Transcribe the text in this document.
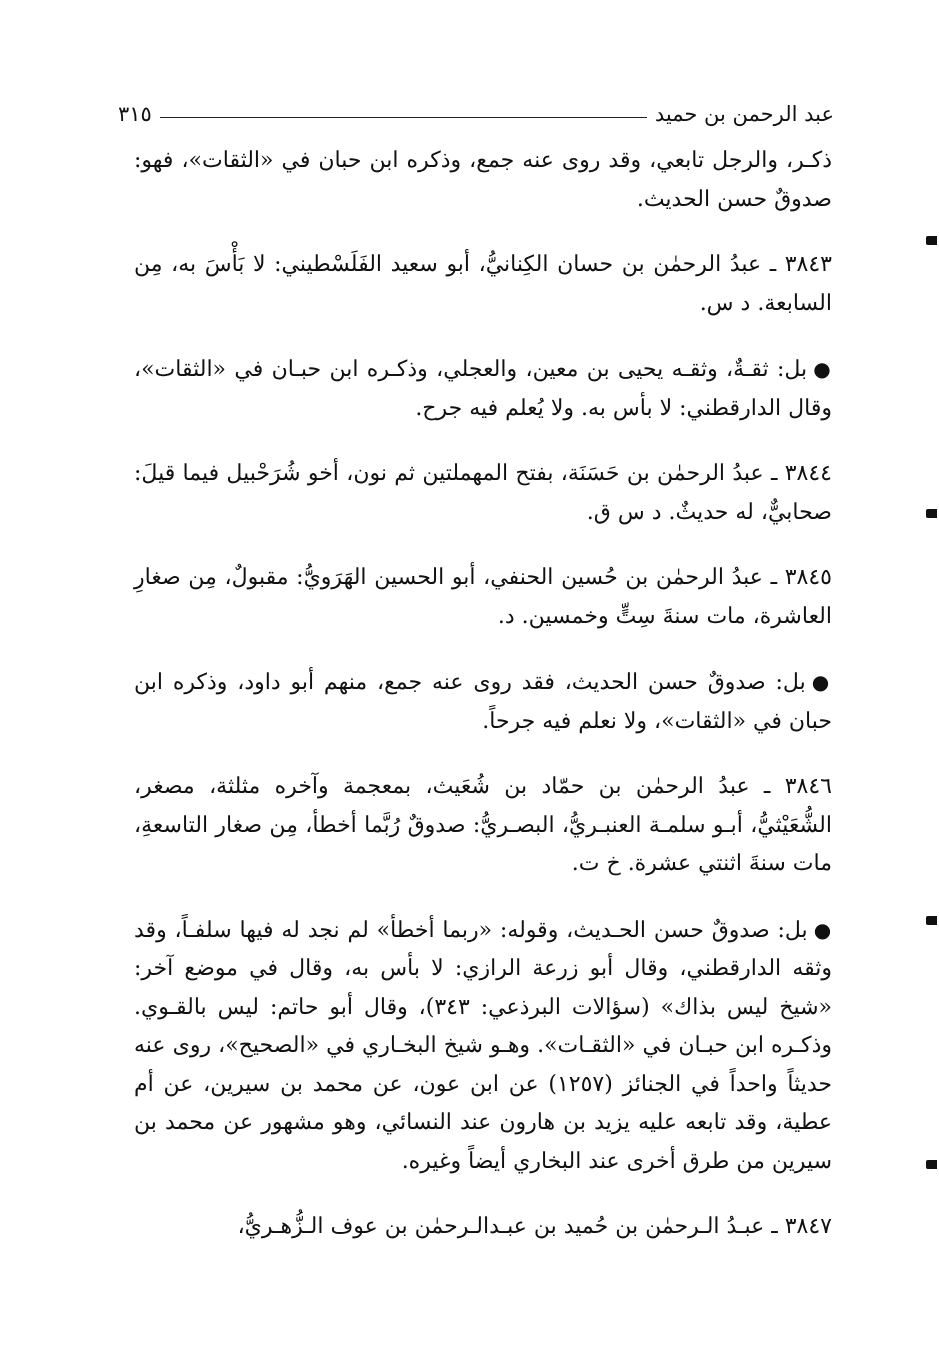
عبد الرحمن بن حميد
٣١٥

ذكـر، والرجل تابعي، وقد روى عنه جمع، وذكره ابن حبان في «الثقات»، فهو: صدوقٌ حسن الحديث.

٣٨٤٣ ـ عبدُ الرحمٰن بن حسان الكِنانيُّ، أبو سعيد الفَلَسْطيني: لا بَأْسَ به، مِن السابعة. د س.

●بل: ثقـةٌ، وثقـه يحيى بن معين، والعجلي، وذكـره ابن حبـان في «الثقات»، وقال الدارقطني: لا بأس به. ولا يُعلم فيه جرح.

٣٨٤٤ ـ عبدُ الرحمٰن بن حَسَنَة، بفتح المهملتين ثم نون، أخو شُرَحْبيل فيما قيلَ: صحابيٌّ، له حديثٌ. د س ق.

٣٨٤٥ ـ عبدُ الرحمٰن بن حُسين الحنفي، أبو الحسين الهَرَويُّ: مقبولٌ، مِن صغارِ العاشرة، مات سنةَ سِتٍّ وخمسين. د.

●بل: صدوقٌ حسن الحديث، فقد روى عنه جمع، منهم أبو داود، وذكره ابن حبان في «الثقات»، ولا نعلم فيه جرحاً.

٣٨٤٦ ـ عبدُ الرحمٰن بن حمّاد بن شُعَيث، بمعجمة وآخره مثلثة، مصغر، الشُّعَيْثيُّ، أبـو سلمـة العنبـريُّ، البصـريُّ: صدوقٌ رُبَّما أخطأ، مِن صغار التاسعةِ، مات سنةَ اثنتي عشرة. خ ت.

●بل: صدوقٌ حسن الحـديث، وقوله: «ربما أخطأ» لم نجد له فيها سلفـاً، وقد وثقه الدارقطني، وقال أبو زرعة الرازي: لا بأس به، وقال في موضع آخر: «شيخ ليس بذاك» (سؤالات البرذعي: ٣٤٣)، وقال أبو حاتم: ليس بالقـوي. وذكـره ابن حبـان في «الثقـات». وهـو شيخ البخـاري في «الصحيح»، روى عنه حديثاً واحداً في الجنائز (١٢٥٧) عن ابن عون، عن محمد بن سيرين، عن أم عطية، وقد تابعه عليه يزيد بن هارون عند النسائي، وهو مشهور عن محمد بن سيرين من طرق أخرى عند البخاري أيضاً وغيره.

٣٨٤٧ ـ عبـدُ الـرحمٰن بن حُميد بن عبـدالـرحمٰن بن عوف الـزُّهـريُّ،
